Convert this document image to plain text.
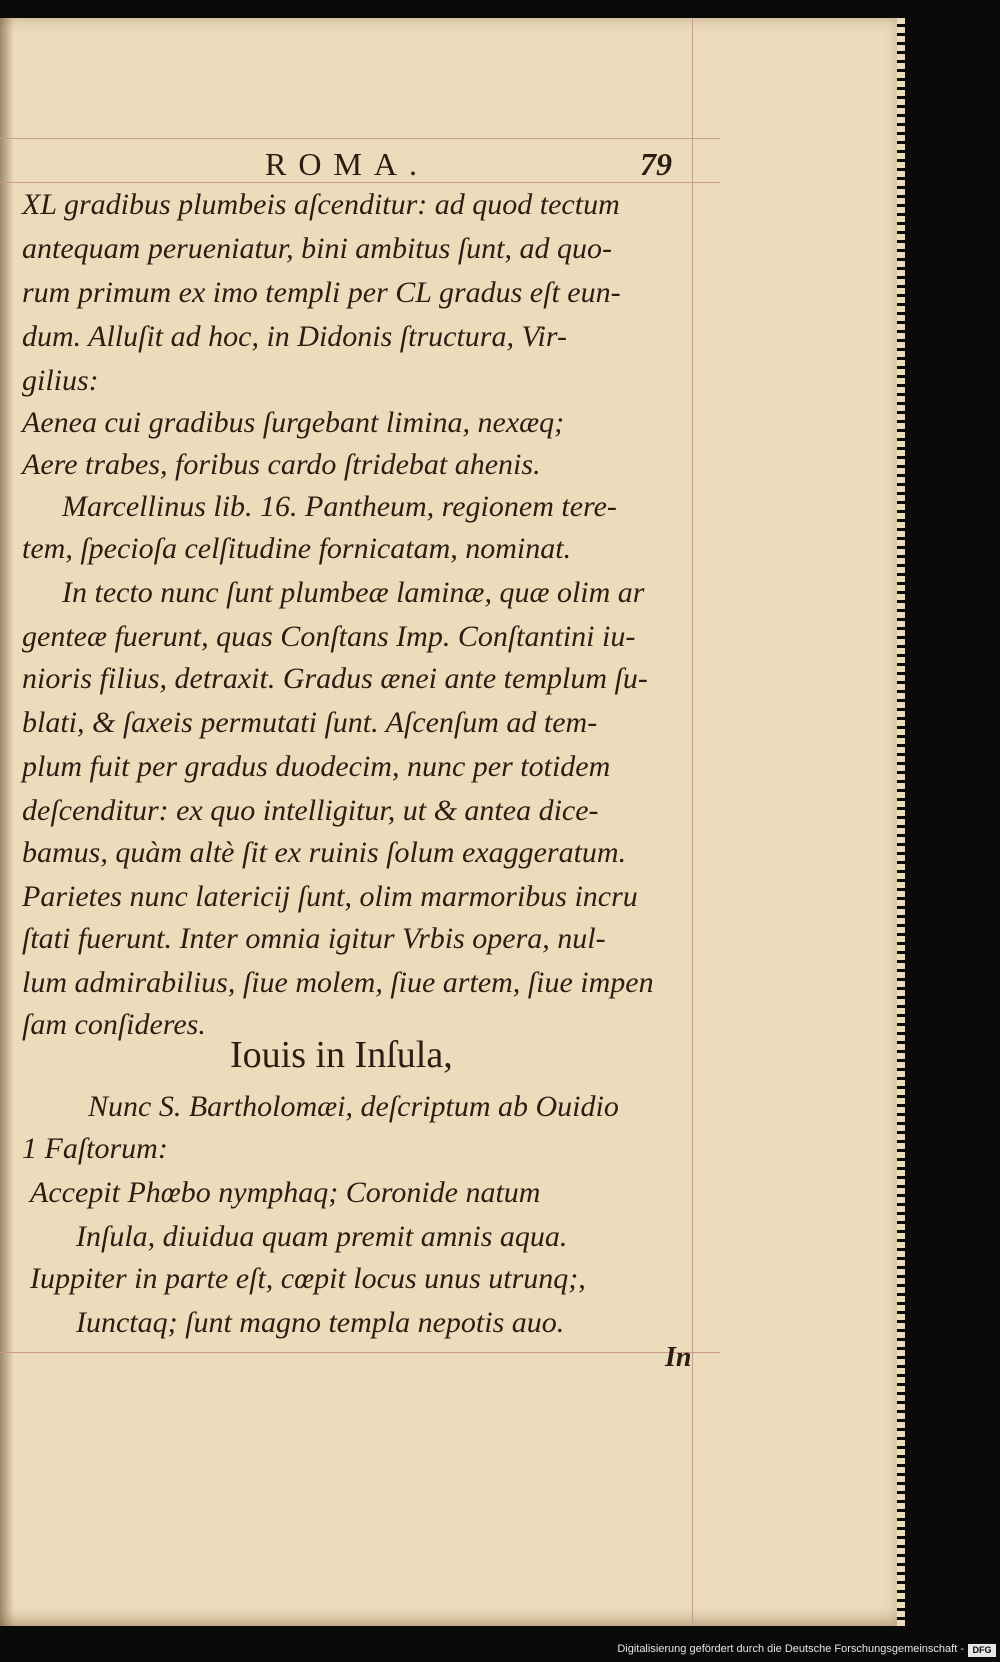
ROMA.	79
XL gradibus plumbeis aſcenditur: ad quod tectum
antequam perueniatur, bini ambitus ſunt, ad quo-
rum primum ex imo templi per CL gradus eſt eun-
dum. Alluſit ad hoc, in Didonis ſtructura, Vir-
gilius:
Aenea cui gradibus ſurgebant limina, nexæq;
Aere trabes, foribus cardo ſtridebat ahenis.
Marcellinus lib. 16. Pantheum, regionem tere-
tem, ſpecioſa celſitudine fornicatam, nominat.
In tecto nunc ſunt plumbeæ laminæ, quæ olim ar
genteæ fuerunt, quas Conſtans Imp. Conſtantini iu-
nioris filius, detraxit. Gradus ænei ante templum ſu-
blati, & ſaxeis permutati ſunt. Aſcenſum ad tem-
plum fuit per gradus duodecim, nunc per totidem
deſcenditur: ex quo intelligitur, ut & antea dice-
bamus, quàm altè ſit ex ruinis ſolum exaggeratum.
Parietes nunc latericij ſunt, olim marmoribus incru
ſtati fuerunt. Inter omnia igitur Vrbis opera, nul-
lum admirabilius, ſiue molem, ſiue artem, ſiue impen
ſam conſideres.
Iouis in Inſula,
Nunc S. Bartholomæi, deſcriptum ab Ouidio
1 Faſtorum:
Accepit Phœbo nymphaq; Coronide natum
Inſula, diuidua quam premit amnis aqua.
Iuppiter in parte eſt, cœpit locus unus utrunq;,
Iunctaq; ſunt magno templa nepotis auo.
In
Digitalisierung gefördert durch die Deutsche Forschungsgemeinschaft - DFG
